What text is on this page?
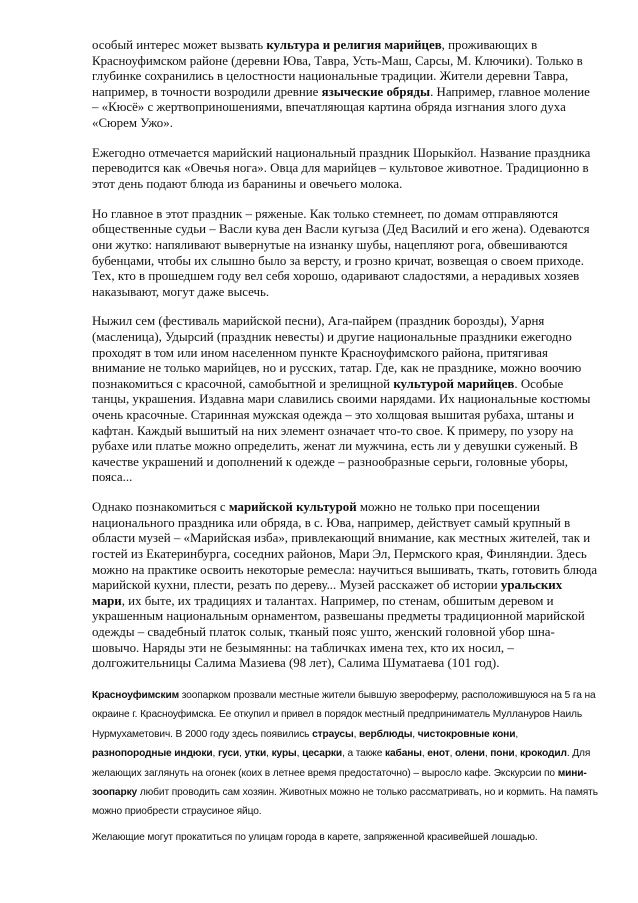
особый интерес может вызвать культура и религия марийцев, проживающих в Красноуфимском районе (деревни Юва, Тавра, Усть-Маш, Сарсы, М. Ключики). Только в глубинке сохранились в целостности национальные традиции. Жители деревни Тавра, например, в точности возродили древние языческие обряды. Например, главное моление – «Кюсё» с жертвоприношениями, впечатляющая картина обряда изгнания злого духа «Сюрем Ужо».

Ежегодно отмечается марийский национальный праздник Шорыкйол. Название праздника переводится как «Овечья нога». Овца для марийцев – культовое животное. Традиционно в этот день подают блюда из баранины и овечьего молока.

Но главное в этот праздник – ряженые. Как только стемнеет, по домам отправляются общественные судьи – Васли кува ден Васли кугыза (Дед Василий и его жена). Одеваются они жутко: напяливают вывернутые на изнанку шубы, нацепляют рога, обвешиваются бубенцами, чтобы их слышно было за версту, и грозно кричат, возвещая о своем приходе. Тех, кто в прошедшем году вел себя хорошо, одаривают сладостями, а нерадивых хозяев наказывают, могут даже высечь.

Ныжил сем (фестиваль марийской песни), Ага-пайрем (праздник борозды), Уарня (масленица), Удырсий (праздник невесты) и другие национальные праздники ежегодно проходят в том или ином населенном пункте Красноуфимского района, притягивая внимание не только марийцев, но и русских, татар. Где, как не празднике, можно воочию познакомиться с красочной, самобытной и зрелищной культурой марийцев. Особые танцы, украшения. Издавна мари славились своими нарядами. Их национальные костюмы очень красочные. Старинная мужская одежда – это холщовая вышитая рубаха, штаны и кафтан. Каждый вышитый на них элемент означает что-то свое. К примеру, по узору на рубахе или платье можно определить, женат ли мужчина, есть ли у девушки суженый. В качестве украшений и дополнений к одежде – разнообразные серьги, головные уборы, пояса...

Однако познакомиться с марийской культурой можно не только при посещении национального праздника или обряда, в с. Юва, например, действует самый крупный в области музей – «Марийская изба», привлекающий внимание, как местных жителей, так и гостей из Екатеринбурга, соседних районов, Мари Эл, Пермского края, Финляндии. Здесь можно на практике освоить некоторые ремесла: научиться вышивать, ткать, готовить блюда марийской кухни, плести, резать по дереву... Музей расскажет об истории уральских мари, их быте, их традициях и талантах. Например, по стенам, обшитым деревом и украшенным национальным орнаментом, развешаны предметы традиционной марийской одежды – свадебный платок солык, тканый пояс ушто, женский головной убор шна-шовычо. Наряды эти не безымянны: на табличках имена тех, кто их носил, – долгожительницы Салима Мазиева (98 лет), Салима Шуматаева (101 год).

Красноуфимским зоопарком прозвали местные жители бывшую звероферму, расположившуюся на 5 га на окраине г. Красноуфимска. Ее откупил и привел в порядок местный предприниматель Муллануров Наиль Нурмухаметович. В 2000 году здесь появились страусы, верблюды, чистокровные кони, разнопородные индюки, гуси, утки, куры, цесарки, а также кабаны, енот, олени, пони, крокодил. Для желающих заглянуть на огонек (коих в летнее время предостаточно) – выросло кафе. Экскурсии по мини-зоопарку любит проводить сам хозяин. Животных можно не только рассматривать, но и кормить. На память можно приобрести страусиное яйцо.

Желающие могут прокатиться по улицам города в карете, запряженной красивейшей лошадью.
